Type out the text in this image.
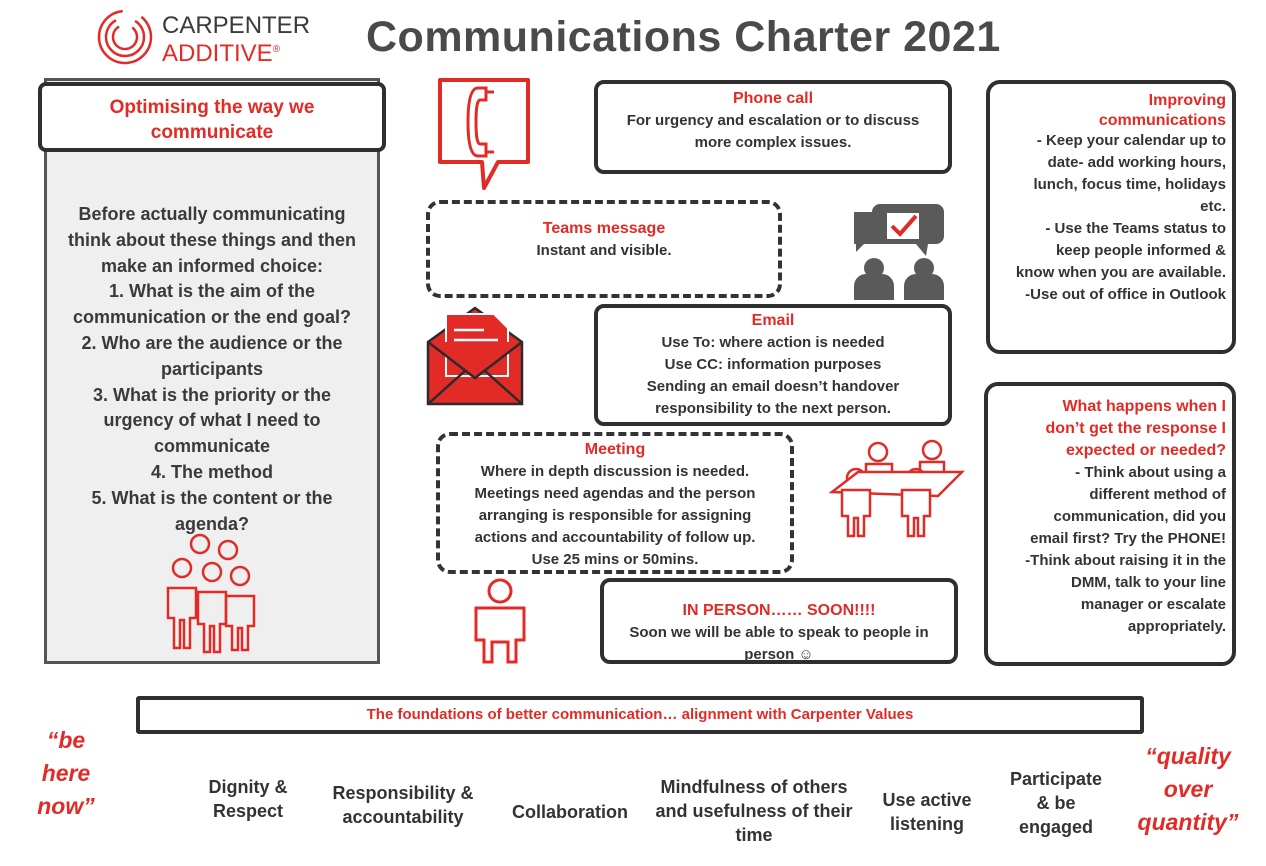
CARPENTER
ADDITIVE® Communications Charter 2021
Optimising the way we
communicate
Before actually communicating
think about these things and then
make an informed choice:
1. What is the aim of the
communication or the end goal?
2. Who are the audience or the
participants
3. What is the priority or the
urgency of what I need to
communicate
4. The method
5. What is the content or the
agenda?
Phone call
For urgency and escalation or to discuss
more complex issues.
Teams message
Instant and visible.
Email
Use To: where action is needed
Use CC: information purposes
Sending an email doesn’t handover
responsibility to the next person.
Meeting
Where in depth discussion is needed.
Meetings need agendas and the person
arranging is responsible for assigning
actions and accountability of follow up.
Use 25 mins or 50mins.
IN PERSON…… SOON!!!!
Soon we will be able to speak to people in
person ☺
Improving
communications
- Keep your calendar up to
date- add working hours,
lunch, focus time, holidays
etc.
- Use the Teams status to
keep people informed &
know when you are available.
-Use out of office in Outlook
What happens when I
don’t get the response I
expected or needed?
- Think about using a
different method of
communication, did you
email first? Try the PHONE!
-Think about raising it in the
DMM, talk to your line
manager or escalate
appropriately.
The foundations of better communication… alignment with Carpenter Values
“be
here
now”
“quality
over
quantity”
Dignity &
Respect
Responsibility &
accountability	Collaboration
Mindfulness of others
and usefulness of their
time
Use active
listening
Participate
& be
engaged
